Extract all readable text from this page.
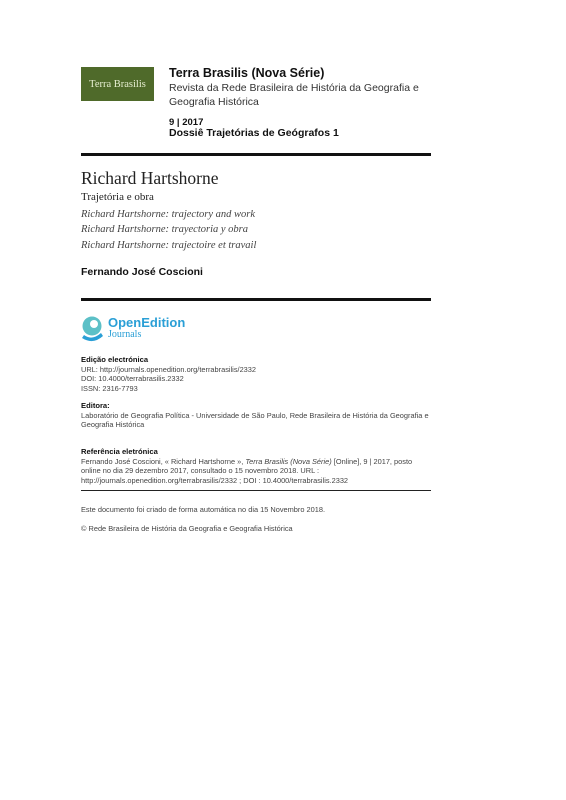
Terra Brasilis
Terra Brasilis (Nova Série)
Revista da Rede Brasileira de História da Geografia e Geografia Histórica
9 | 2017
Dossiê Trajetórias de Geógrafos 1
Richard Hartshorne
Trajetória e obra
Richard Hartshorne: trajectory and work
Richard Hartshorne: trayectoria y obra
Richard Hartshorne: trajectoire et travail
Fernando José Coscioni
OpenEdition
Journals
Edição electrónica
URL: http://journals.openedition.org/terrabrasilis/2332
DOI: 10.4000/terrabrasilis.2332
ISSN: 2316-7793
Editora:
Laboratório de Geografia Política - Universidade de São Paulo, Rede Brasileira de História da Geografia e Geografia Histórica
Referência eletrónica
Fernando José Coscioni, « Richard Hartshorne », Terra Brasilis (Nova Série) [Online], 9 | 2017, posto online no dia 29 dezembro 2017, consultado o 15 novembro 2018. URL : http://journals.openedition.org/terrabrasilis/2332 ; DOI : 10.4000/terrabrasilis.2332
Este documento foi criado de forma automática no dia 15 Novembro 2018.
© Rede Brasileira de História da Geografia e Geografia Histórica
